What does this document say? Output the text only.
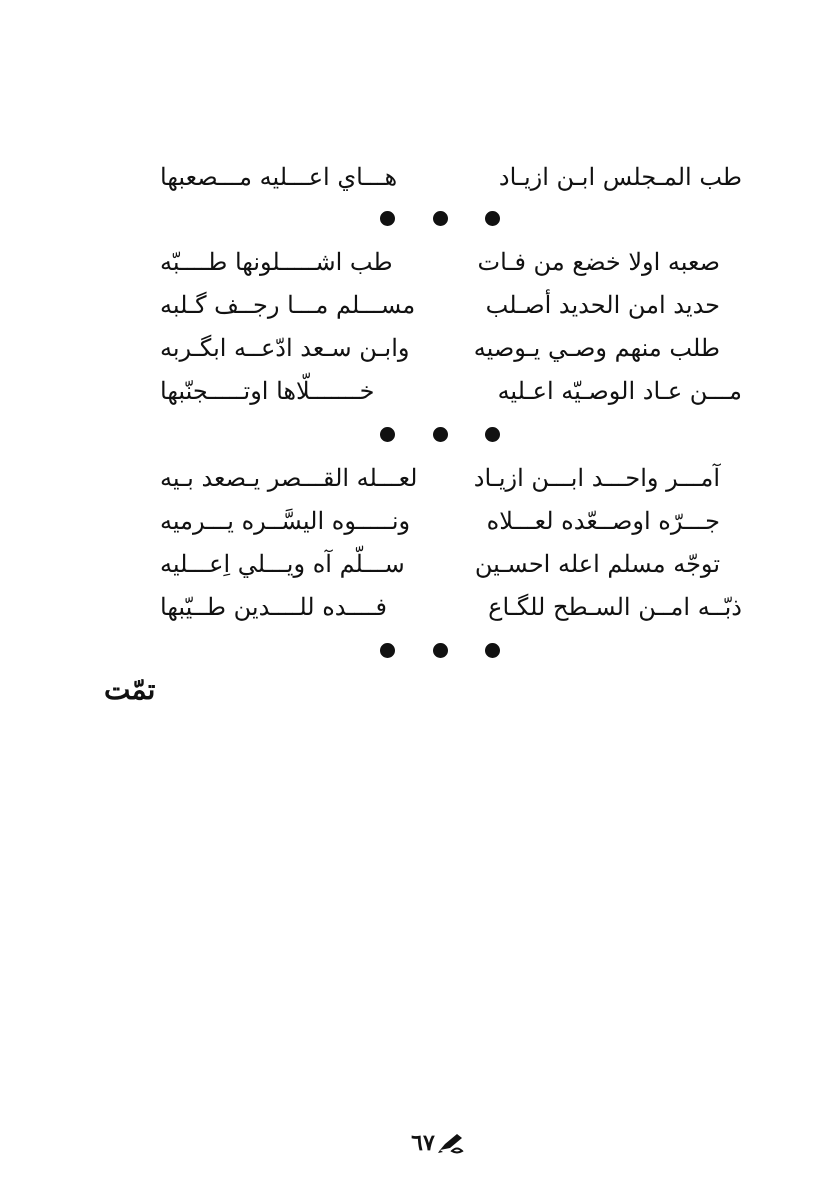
طب المـجلس ابـن ازيـاد
هـــاي اعـــليه مـــصعبها
صعبه اولا خضع من فـات
طب اشـــــلونها طــــبّه
حديد امن الحديد أصـلب
مســـلم مـــا رجــف گـلبه
طلب منهم وصـي يـوصيه
وابـن سـعد ادّعــه ابگـربه
مـــن عـاد الوصـيّه اعـليه
خـــــــلّاها اوتـــــجنّبها
آمـــر واحـــد ابـــن ازيـاد
لعـــله القـــصر يـصعد بـيه
جـــرّه اوصــعّده لعـــلاه
ونـــــوه اليسَّــره يـــرميه
توجّه مسلم اعله احسـين
ســـلّم آه ويـــلي اِعـــليه
ذبّــه امــن السـطح للگـاع
فــــده للــــدين طــيّبها
تمّت
٦٧
